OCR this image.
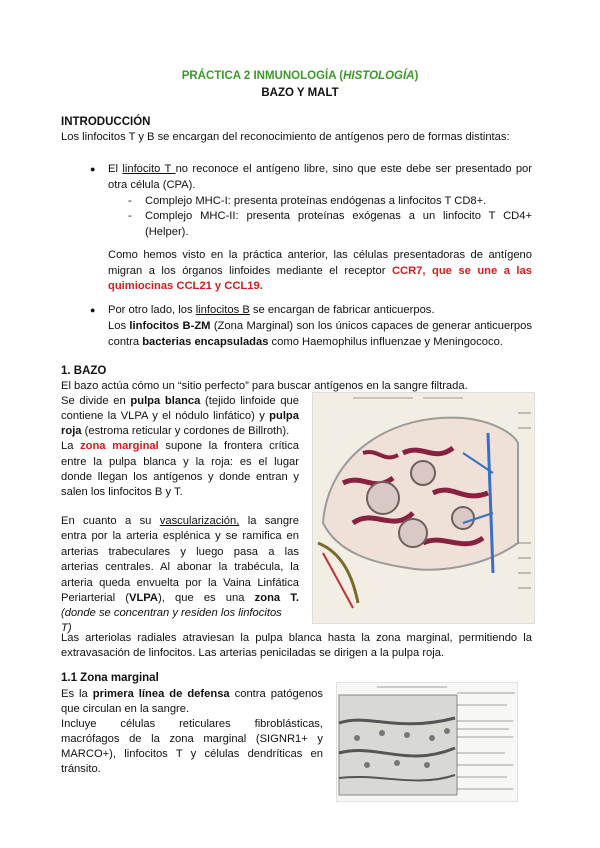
PRÁCTICA 2 INMUNOLOGÍA (HISTOLOGÍA)
BAZO Y MALT
INTRODUCCIÓN
Los linfocitos T y B se encargan del reconocimiento de antígenos pero de formas distintas:
● El linfocito T no reconoce el antígeno libre, sino que este debe ser presentado por
otra célula (CPA).
- Complejo MHC-I: presenta proteínas endógenas a linfocitos T CD8+.
- Complejo MHC-II: presenta proteínas exógenas a un linfocito T CD4+
(Helper).
Como hemos visto en la práctica anterior, las células presentadoras de antígeno
migran a los órganos linfoides mediante el receptor CCR7, que se une a las
quimiocinas CCL21 y CCL19.
● Por otro lado, los linfocitos B se encargan de fabricar anticuerpos.
Los linfocitos B-ZM (Zona Marginal) son los únicos capaces de generar anticuerpos
contra bacterias encapsuladas como Haemophilus influenzae y Meningococo.
1. BAZO
El bazo actúa cómo un “sitio perfecto” para buscar antígenos en la sangre filtrada.
Se divide en pulpa blanca (tejido linfoide que
contiene la VLPA y el nódulo linfático) y pulpa
roja (estroma reticular y cordones de Billroth).
La zona marginal supone la frontera crítica
entre la pulpa blanca y la roja: es el lugar
donde llegan los antígenos y donde entran y
salen los linfocitos B y T.
En cuanto a su vascularización, la sangre
entra por la arteria esplénica y se ramifica en
arterias trabeculares y luego pasa a las
arterias centrales. Al abonar la trabécula, la
arteria queda envuelta por la Vaina Linfática
Periarterial (VLPA), que es una zona T.
(donde se concentran y residen los linfocitos
T)
Las arteriolas radiales atraviesan la pulpa blanca hasta la zona marginal, permitiendo la
extravasación de linfocitos. Las arterias peniciladas se dirigen a la pulpa roja.
1.1 Zona marginal
Es la primera línea de defensa contra patógenos
que circulan en la sangre.
Incluye células reticulares fibroblásticas,
macrófagos de la zona marginal (SIGNR1+ y
MARCO+), linfocitos T y células dendríticas en
tránsito.
